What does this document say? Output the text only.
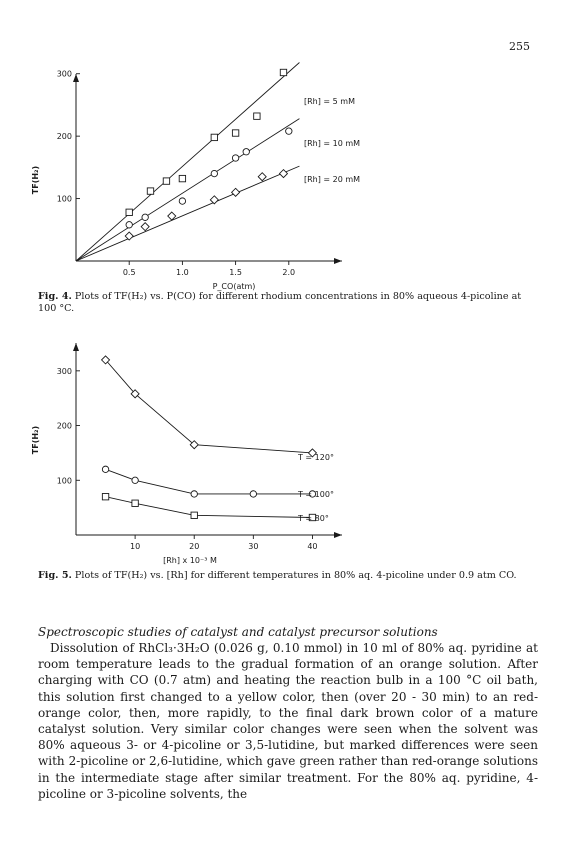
255
0.5	1.0	1.5	2.0
100
200
300
P_CO(atm)
TF(H₂)
[Rh] = 5 mM
[Rh] = 10 mM
[Rh] = 20 mM
Fig. 4. Plots of TF(H₂) vs. P(CO) for different rhodium concentrations in 80% aqueous 4-picoline at 100 °C.
10	20	30	40
100
200
300
[Rh] x 10⁻³ M
TF(H₂)
T = 120°
T = 100°
T = 80°
Fig. 5. Plots of TF(H₂) vs. [Rh] for different temperatures in 80% aq. 4-picoline under 0.9 atm CO.
Spectroscopic studies of catalyst and catalyst precursor solutions

Dissolution of RhCl₃·3H₂O (0.026 g, 0.10 mmol) in 10 ml of 80% aq. pyridine at room temperature leads to the gradual formation of an orange solution. After charging with CO (0.7 atm) and heating the reaction bulb in a 100 °C oil bath, this solution first changed to a yellow color, then (over 20 - 30 min) to an red-orange color, then, more rapidly, to the final dark brown color of a mature catalyst solution. Very similar color changes were seen when the solvent was 80% aqueous 3- or 4-picoline or 3,5-lutidine, but marked differences were seen with 2-picoline or 2,6-lutidine, which gave green rather than red-orange solutions in the intermediate stage after similar treatment. For the 80% aq. pyridine, 4-picoline or 3-picoline solvents, the
